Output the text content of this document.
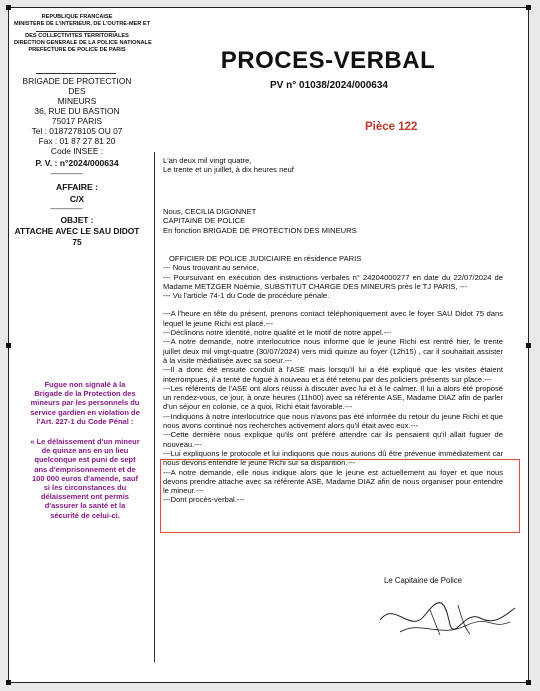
REPUBLIQUE FRANCAISE
MINISTERE DE L'INTERIEUR, DE L'OUTRE-MER ET
DES COLLECTIVITES TERRITORIALES
DIRECTION GENERALE DE LA POLICE NATIONALE
PREFECTURE DE POLICE DE PARIS
BRIGADE DE PROTECTION DES
MINEURS
36, RUE DU BASTION
75017 PARIS
Tel : 0187278105 OU 07
Fax : 01 87 27 81 20
Code INSEE :
P. V. : n°2024/000634
------------------------
AFFAIRE :
C/X
------------------------
OBJET :
ATTACHE AVEC LE SAU DIDOT
75
Fugue non signalé à la Brigade de la Protection des mineurs par les personnels du service gardien en violation de l'Art. 227-1 du Code Pénal :
« Le délaissement d'un mineur de quinze ans en un lieu quelconque est puni de sept ans d'emprisonnement et de 100 000 euros d'amende, sauf si les circonstances du délaissement ont permis d'assurer la santé et la sécurité de celui-ci.
PROCES-VERBAL
PV n° 01038/2024/000634
Pièce 122
L'an deux mil vingt quatre,
Le trente et un juillet, à dix heures neuf
Nous, CECILIA DIGONNET
CAPITAINE DE POLICE
En fonction BRIGADE DE PROTECTION DES MINEURS
OFFICIER DE POLICE JUDICIAIRE en résidence PARIS
--- Nous trouvant au service,
--- Poursuivant en exécution des instructions verbales n° 24204000277 en date du 22/07/2024 de Madame METZGER Noémie, SUBSTITUT CHARGE DES MINEURS près le TJ PARIS, ---
--- Vu l'article 74-1 du Code de procédure pénale.
---A l'heure en tête du présent, prenons contact téléphoniquement avec le foyer SAU Didot 75 dans lequel le jeune Richi est placé.---
---Déclinons notre identité, notre qualité et le motif de notre appel.---
---A notre demande, notre interlocutrice nous informe que le jeune Richi est rentré hier, le trente juillet deux mil vingt-quatre (30/07/2024) vers midi quinze au foyer (12h15) , car il souhaitait assister à la visite médiatisée avec sa soeur.---
---Il a donc été ensuite conduit à l'ASE mais lorsqu'il lui a été expliqué que les visites étaient interrompues, il a tenté de fugué à nouveau et a été retenu par des policiers présents sur place.---
---Les référents de l'ASE ont alors réussi à discuter avec lui et à le calmer. Il lui a alors été proposé un rendez-vous, ce jour, à onze heures (11h00) avec sa référente ASE, Madame DIAZ afin de parler d'un séjour en colonie, ce à quoi, Richi était favorable.---
---Indiquons à notre interlocutrice que nous n'avons pas été informée du retour du jeune Richi et que nous avons continué nos recherches activement alors qu'il était avec eux.---
---Cette dernière nous explique qu'ils ont préféré attendre car ils pensaient qu'il allait fuguer de nouveau.---
---Lui expliquons le protocole et lui indiquons que nous aurions dû être prévenue immédiatement car nous devons entendre le jeune Richi sur sa disparition.---
---A notre demande, elle nous indique alors que le jeune est actuellement au foyer et que nous devons prendre attache avec sa référente ASE, Madame DIAZ afin de nous organiser pour entendre le mineur.---
---Dont procès-verbal.---
Le Capitaine de Police
